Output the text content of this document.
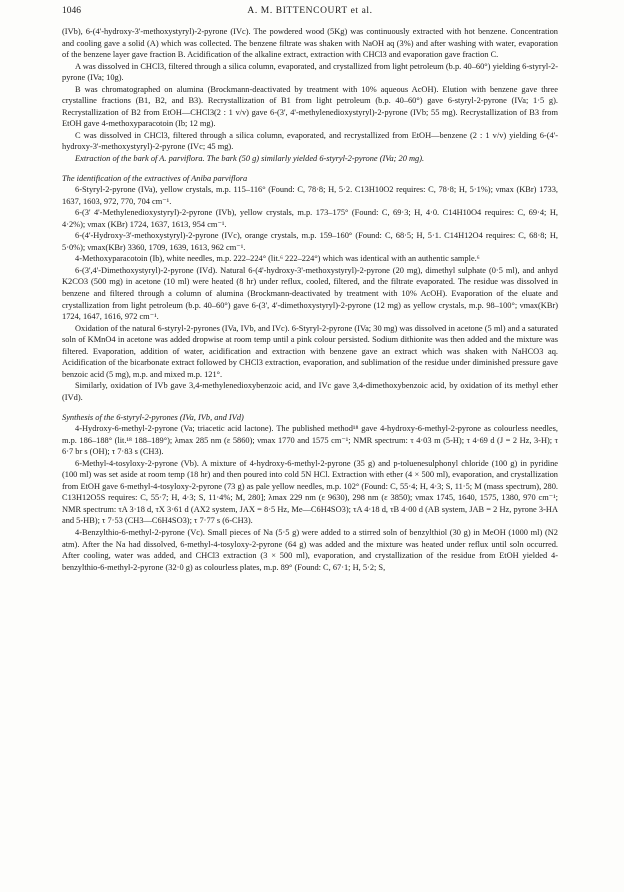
1046	A. M. BITTENCOURT et al.

(IVb), 6-(4'-hydroxy-3'-methoxystyryl)-2-pyrone (IVc). The powdered wood (5Kg) was continuously extracted with hot benzene. Concentration and cooling gave a solid (A) which was collected. The benzene filtrate was shaken with NaOH aq (3%) and after washing with water, evaporation of the benzene layer gave fraction B. Acidification of the alkaline extract, extraction with CHCl3 and evaporation gave fraction C.

A was dissolved in CHCl3, filtered through a silica column, evaporated, and crystallized from light petroleum (b.p. 40–60°) yielding 6-styryl-2-pyrone (IVa; 10g).

B was chromatographed on alumina (Brockmann-deactivated by treatment with 10% aqueous AcOH). Elution with benzene gave three crystalline fractions (B1, B2, and B3). Recrystallization of B1 from light petroleum (b.p. 40–60°) gave 6-styryl-2-pyrone (IVa; 1·5 g). Recrystallization of B2 from EtOH—CHCl3(2 : 1 v/v) gave 6-(3', 4'-methylenedioxystyryl)-2-pyrone (IVb; 55 mg). Recrystallization of B3 from EtOH gave 4-methoxyparacotoin (Ib; 12 mg).

C was dissolved in CHCl3, filtered through a silica column, evaporated, and recrystallized from EtOH—benzene (2 : 1 v/v) yielding 6-(4'-hydroxy-3'-methoxystyryl)-2-pyrone (IVc; 45 mg).

Extraction of the bark of A. parviflora. The bark (50 g) similarly yielded 6-styryl-2-pyrone (IVa; 20 mg).

The identification of the extractives of Aniba parviflora

6-Styryl-2-pyrone (IVa), yellow crystals, m.p. 115–116° (Found: C, 78·8; H, 5·2. C13H10O2 requires: C, 78·8; H, 5·1%); νmax (KBr) 1733, 1637, 1603, 972, 770, 704 cm⁻¹.

6-(3' 4'-Methylenedioxystyryl)-2-pyrone (IVb), yellow crystals, m.p. 173–175° (Found: C, 69·3; H, 4·0. C14H10O4 requires: C, 69·4; H, 4·2%); νmax (KBr) 1724, 1637, 1613, 954 cm⁻¹.

6-(4'-Hydroxy-3'-methoxystyryl)-2-pyrone (IVc), orange crystals, m.p. 159–160° (Found: C, 68·5; H, 5·1. C14H12O4 requires: C, 68·8; H, 5·0%); νmax(KBr) 3360, 1709, 1639, 1613, 962 cm⁻¹.

4-Methoxyparacotoin (Ib), white needles, m.p. 222–224° (lit.⁶ 222–224°) which was identical with an authentic sample.⁶

6-(3',4'-Dimethoxystyryl)-2-pyrone (IVd). Natural 6-(4'-hydroxy-3'-methoxystyryl)-2-pyrone (20 mg), dimethyl sulphate (0·5 ml), and anhyd K2CO3 (500 mg) in acetone (10 ml) were heated (8 hr) under reflux, cooled, filtered, and the filtrate evaporated. The residue was dissolved in benzene and filtered through a column of alumina (Brockmann-deactivated by treatment with 10% AcOH). Evaporation of the eluate and crystallization from light petroleum (b.p. 40–60°) gave 6-(3', 4'-dimethoxystyryl)-2-pyrone (12 mg) as yellow crystals, m.p. 98–100°; νmax(KBr) 1724, 1647, 1616, 972 cm⁻¹.

Oxidation of the natural 6-styryl-2-pyrones (IVa, IVb, and IVc). 6-Styryl-2-pyrone (IVa; 30 mg) was dissolved in acetone (5 ml) and a saturated soln of KMnO4 in acetone was added dropwise at room temp until a pink colour persisted. Sodium dithionite was then added and the mixture was filtered. Evaporation, addition of water, acidification and extraction with benzene gave an extract which was shaken with NaHCO3 aq. Acidification of the bicarbonate extract followed by CHCl3 extraction, evaporation, and sublimation of the residue under diminished pressure gave benzoic acid (5 mg), m.p. and mixed m.p. 121°.

Similarly, oxidation of IVb gave 3,4-methylenedioxybenzoic acid, and IVc gave 3,4-dimethoxybenzoic acid, by oxidation of its methyl ether (IVd).

Synthesis of the 6-styryl-2-pyrones (IVa, IVb, and IVd)

4-Hydroxy-6-methyl-2-pyrone (Va; triacetic acid lactone). The published method¹⁸ gave 4-hydroxy-6-methyl-2-pyrone as colourless needles, m.p. 186–188° (lit.¹⁸ 188–189°); λmax 285 nm (ε 5860); νmax 1770 and 1575 cm⁻¹; NMR spectrum: τ 4·03 m (5-H); τ 4·69 d (J = 2 Hz, 3-H); τ 6·7 br s (OH); τ 7·83 s (CH3).

6-Methyl-4-tosyloxy-2-pyrone (Vb). A mixture of 4-hydroxy-6-methyl-2-pyrone (35 g) and p-toluenesulphonyl chloride (100 g) in pyridine (100 ml) was set aside at room temp (18 hr) and then poured into cold 5N HCl. Extraction with ether (4 × 500 ml), evaporation, and crystallization from EtOH gave 6-methyl-4-tosyloxy-2-pyrone (73 g) as pale yellow needles, m.p. 102° (Found: C, 55·4; H, 4·3; S, 11·5; M (mass spectrum), 280. C13H12O5S requires: C, 55·7; H, 4·3; S, 11·4%; M, 280]; λmax 229 nm (ε 9630), 298 nm (ε 3850); νmax 1745, 1640, 1575, 1380, 970 cm⁻¹; NMR spectrum: τA 3·18 d, τX 3·61 d (AX2 system, JAX = 8·5 Hz, Me—C6H4SO3); τA 4·18 d, τB 4·00 d (AB system, JAB = 2 Hz, pyrone 3-HA and 5-HB); τ 7·53 (CH3—C6H4SO3); τ 7·77 s (6-CH3).

4-Benzylthio-6-methyl-2-pyrone (Vc). Small pieces of Na (5·5 g) were added to a stirred soln of benzylthiol (30 g) in MeOH (1000 ml) (N2 atm). After the Na had dissolved, 6-methyl-4-tosyloxy-2-pyrone (64 g) was added and the mixture was heated under reflux until soln occurred. After cooling, water was added, and CHCl3 extraction (3 × 500 ml), evaporation, and crystallization of the residue from EtOH yielded 4-benzylthio-6-methyl-2-pyrone (32·0 g) as colourless plates, m.p. 89° (Found: C, 67·1; H, 5·2; S,
